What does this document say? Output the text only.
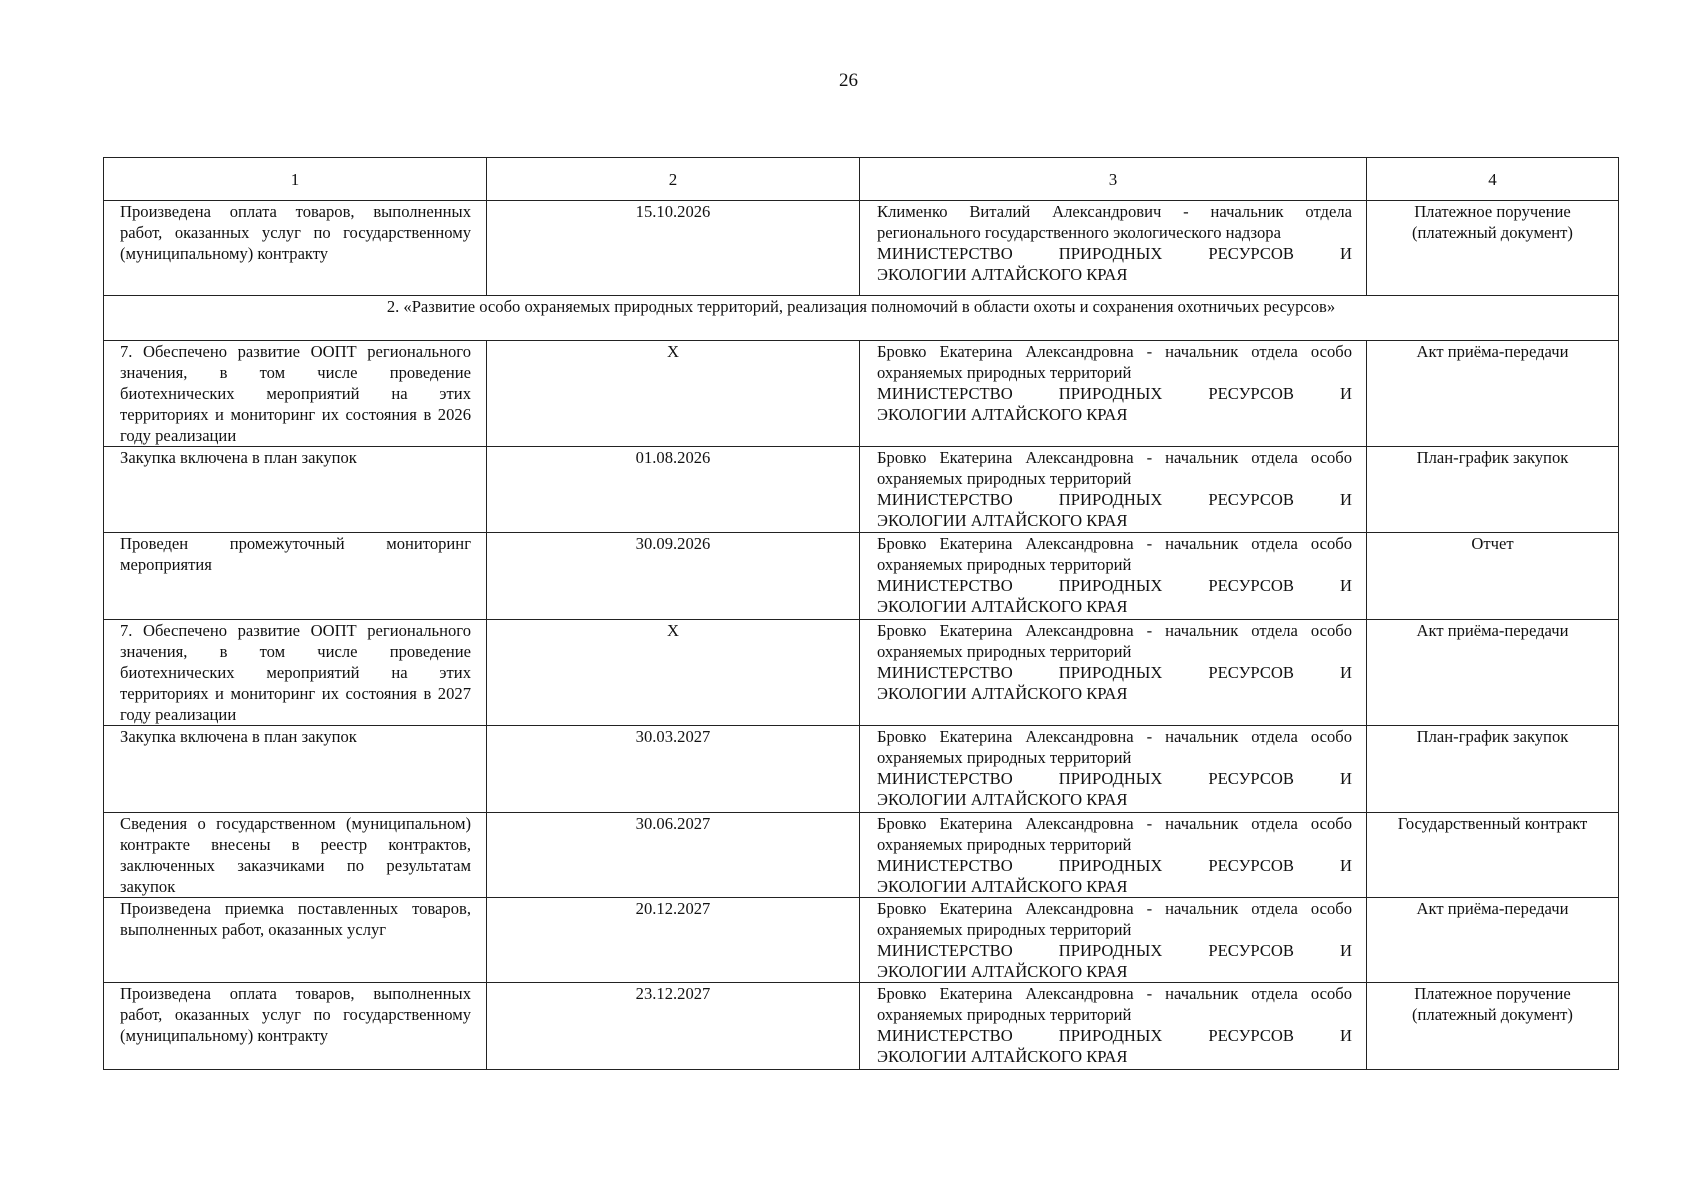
26
1	2	3	4
Произведена оплата товаров, выполненных работ, оказанных услуг по государственному (муниципальному) контракту	15.10.2026	Клименко Виталий Александрович - начальник отдела регионального государственного экологического надзора
МИНИСТЕРСТВО ПРИРОДНЫХ РЕСУРСОВ И
ЭКОЛОГИИ АЛТАЙСКОГО КРАЯ	Платежное поручение (платежный документ)
2. «Развитие особо охраняемых природных территорий, реализация полномочий в области охоты и сохранения охотничьих ресурсов»			
7. Обеспечено развитие ООПТ регионального значения, в том числе проведение биотехнических мероприятий на этих территориях и мониторинг их состояния в 2026 году реализации	X	Бровко Екатерина Александровна - начальник отдела особо охраняемых природных территорий
МИНИСТЕРСТВО ПРИРОДНЫХ РЕСУРСОВ И
ЭКОЛОГИИ АЛТАЙСКОГО КРАЯ	Акт приёма-передачи
Закупка включена в план закупок	01.08.2026	Бровко Екатерина Александровна - начальник отдела особо охраняемых природных территорий
МИНИСТЕРСТВО ПРИРОДНЫХ РЕСУРСОВ И
ЭКОЛОГИИ АЛТАЙСКОГО КРАЯ	План-график закупок
Проведен промежуточный мониторинг мероприятия	30.09.2026	Бровко Екатерина Александровна - начальник отдела особо охраняемых природных территорий
МИНИСТЕРСТВО ПРИРОДНЫХ РЕСУРСОВ И
ЭКОЛОГИИ АЛТАЙСКОГО КРАЯ	Отчет
7. Обеспечено развитие ООПТ регионального значения, в том числе проведение биотехнических мероприятий на этих территориях и мониторинг их состояния в 2027 году реализации	X	Бровко Екатерина Александровна - начальник отдела особо охраняемых природных территорий
МИНИСТЕРСТВО ПРИРОДНЫХ РЕСУРСОВ И
ЭКОЛОГИИ АЛТАЙСКОГО КРАЯ	Акт приёма-передачи
Закупка включена в план закупок	30.03.2027	Бровко Екатерина Александровна - начальник отдела особо охраняемых природных территорий
МИНИСТЕРСТВО ПРИРОДНЫХ РЕСУРСОВ И
ЭКОЛОГИИ АЛТАЙСКОГО КРАЯ	План-график закупок
Сведения о государственном (муниципальном) контракте внесены в реестр контрактов, заключенных заказчиками по результатам закупок	30.06.2027	Бровко Екатерина Александровна - начальник отдела особо охраняемых природных территорий
МИНИСТЕРСТВО ПРИРОДНЫХ РЕСУРСОВ И
ЭКОЛОГИИ АЛТАЙСКОГО КРАЯ	Государственный контракт
Произведена приемка поставленных товаров, выполненных работ, оказанных услуг	20.12.2027	Бровко Екатерина Александровна - начальник отдела особо охраняемых природных территорий
МИНИСТЕРСТВО ПРИРОДНЫХ РЕСУРСОВ И
ЭКОЛОГИИ АЛТАЙСКОГО КРАЯ	Акт приёма-передачи
Произведена оплата товаров, выполненных работ, оказанных услуг по государственному (муниципальному) контракту	23.12.2027	Бровко Екатерина Александровна - начальник отдела особо охраняемых природных территорий
МИНИСТЕРСТВО ПРИРОДНЫХ РЕСУРСОВ И
ЭКОЛОГИИ АЛТАЙСКОГО КРАЯ	Платежное поручение (платежный документ)
